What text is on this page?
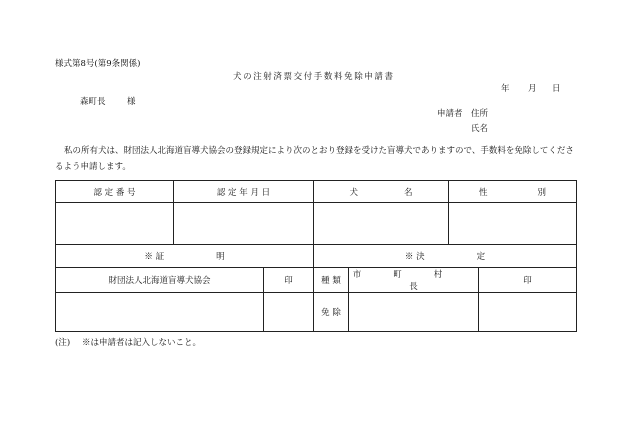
様式第8号(第9条関係)
犬の注射済票交付手数料免除申請書
年 月 日
森町長	様
申請者 住所
氏名
私の所有犬は、財団法人北海道盲導犬協会の登録規定により次のとおり登録を受けた盲導犬でありますので、手数料を免除してくださるよう申請します。
認 定 番 号	認 定 年 月 日		犬 名		性 別	

※ 証 明			※ 決 定			
財団法人北海道盲導犬協会		印	種 類	市 町 村長		印
			免 除			
(注) ※は申請者は記入しないこと。
